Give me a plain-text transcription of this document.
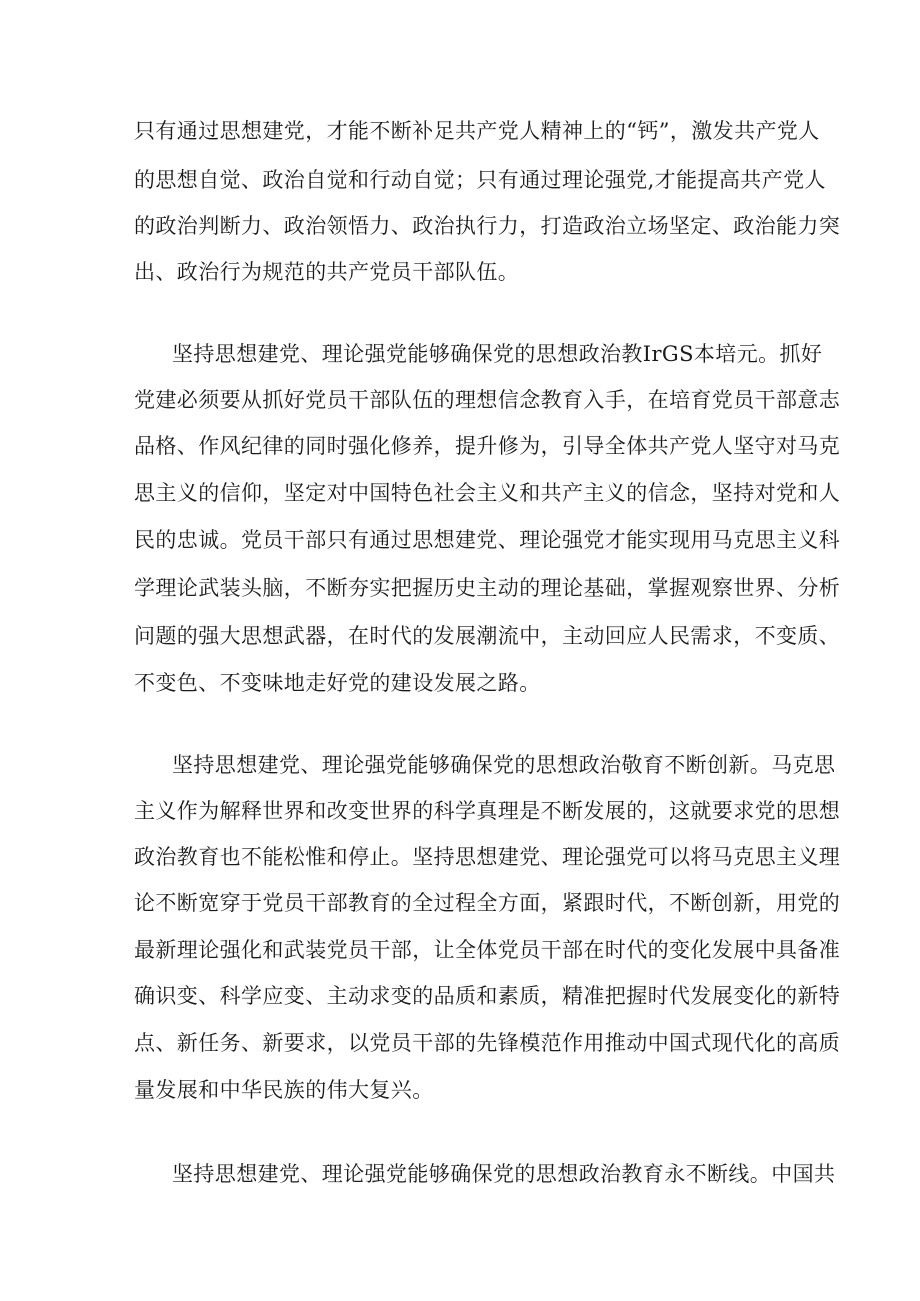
只有通过思想建党，才能不断补足共产党人精神上的“钙”，激发共产党人
的思想自觉、政治自觉和行动自觉；只有通过理论强党,才能提高共产党人
的政治判断力、政治领悟力、政治执行力，打造政治立场坚定、政治能力突
出、政治行为规范的共产党员干部队伍。
坚持思想建党、理论强党能够确保党的思想政治教IrGS本培元。抓好
党建必须要从抓好党员干部队伍的理想信念教育入手，在培育党员干部意志
品格、作风纪律的同时强化修养，提升修为，引导全体共产党人坚守对马克
思主义的信仰，坚定对中国特色社会主义和共产主义的信念，坚持对党和人
民的忠诚。党员干部只有通过思想建党、理论强党才能实现用马克思主义科
学理论武装头脑，不断夯实把握历史主动的理论基础，掌握观察世界、分析
问题的强大思想武器，在时代的发展潮流中，主动回应人民需求，不变质、
不变色、不变味地走好党的建设发展之路。
坚持思想建党、理论强党能够确保党的思想政治敬育不断创新。马克思
主义作为解释世界和改变世界的科学真理是不断发展的，这就要求党的思想
政治教育也不能松惟和停止。坚持思想建党、理论强党可以将马克思主义理
论不断宽穿于党员干部教育的全过程全方面，紧跟时代，不断创新，用党的
最新理论强化和武装党员干部，让全体党员干部在时代的变化发展中具备准
确识变、科学应变、主动求变的品质和素质，精准把握时代发展变化的新特
点、新任务、新要求，以党员干部的先锋模范作用推动中国式现代化的高质
量发展和中华民族的伟大复兴。
坚持思想建党、理论强党能够确保党的思想政治教育永不断线。中国共
